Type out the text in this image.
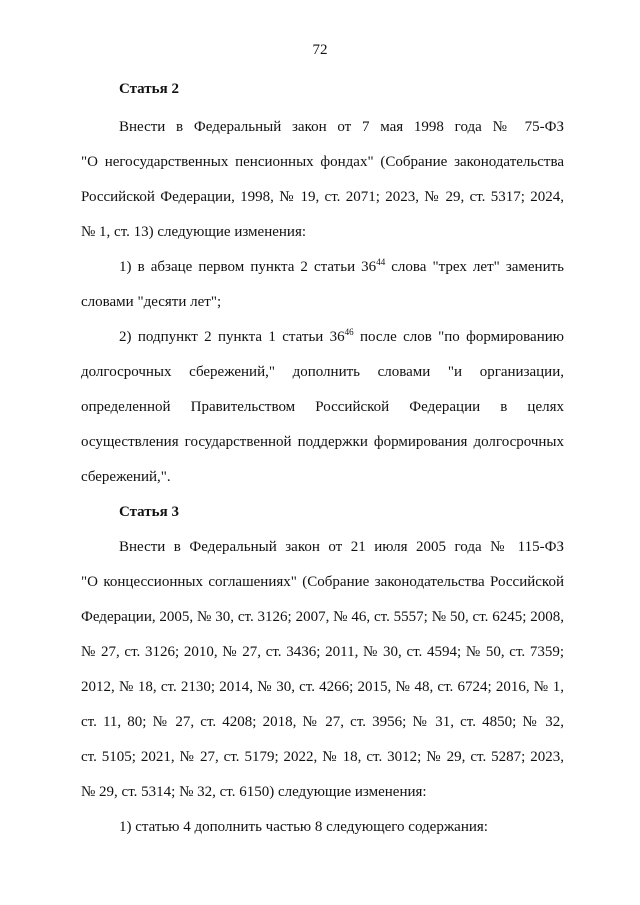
72
Статья 2
Внести в Федеральный закон от 7 мая 1998 года № 75-ФЗ
"О негосударственных пенсионных фондах" (Собрание законодательства
Российской Федерации, 1998, № 19, ст. 2071; 2023, № 29, ст. 5317; 2024,
№ 1, ст. 13) следующие изменения:
1) в абзаце первом пункта 2 статьи $36^{44}$ слова "трех лет" заменить
словами "десяти лет";
2) подпункт 2 пункта 1 статьи $36^{46}$ после слов "по формированию
долгосрочных сбережений," дополнить словами "и организации,
определенной Правительством Российской Федерации в целях
осуществления государственной поддержки формирования долгосрочных
сбережений,".
Статья 3
Внести в Федеральный закон от 21 июля 2005 года № 115-ФЗ
"О концессионных соглашениях" (Собрание законодательства Российской
Федерации, 2005, № 30, ст. 3126; 2007, № 46, ст. 5557; № 50, ст. 6245; 2008,
№ 27, ст. 3126; 2010, № 27, ст. 3436; 2011, № 30, ст. 4594; № 50, ст. 7359;
2012, № 18, ст. 2130; 2014, № 30, ст. 4266; 2015, № 48, ст. 6724; 2016, № 1,
ст. 11, 80; № 27, ст. 4208; 2018, № 27, ст. 3956; № 31, ст. 4850; № 32,
ст. 5105; 2021, № 27, ст. 5179; 2022, № 18, ст. 3012; № 29, ст. 5287; 2023,
№ 29, ст. 5314; № 32, ст. 6150) следующие изменения:
1) статью 4 дополнить частью 8 следующего содержания:
